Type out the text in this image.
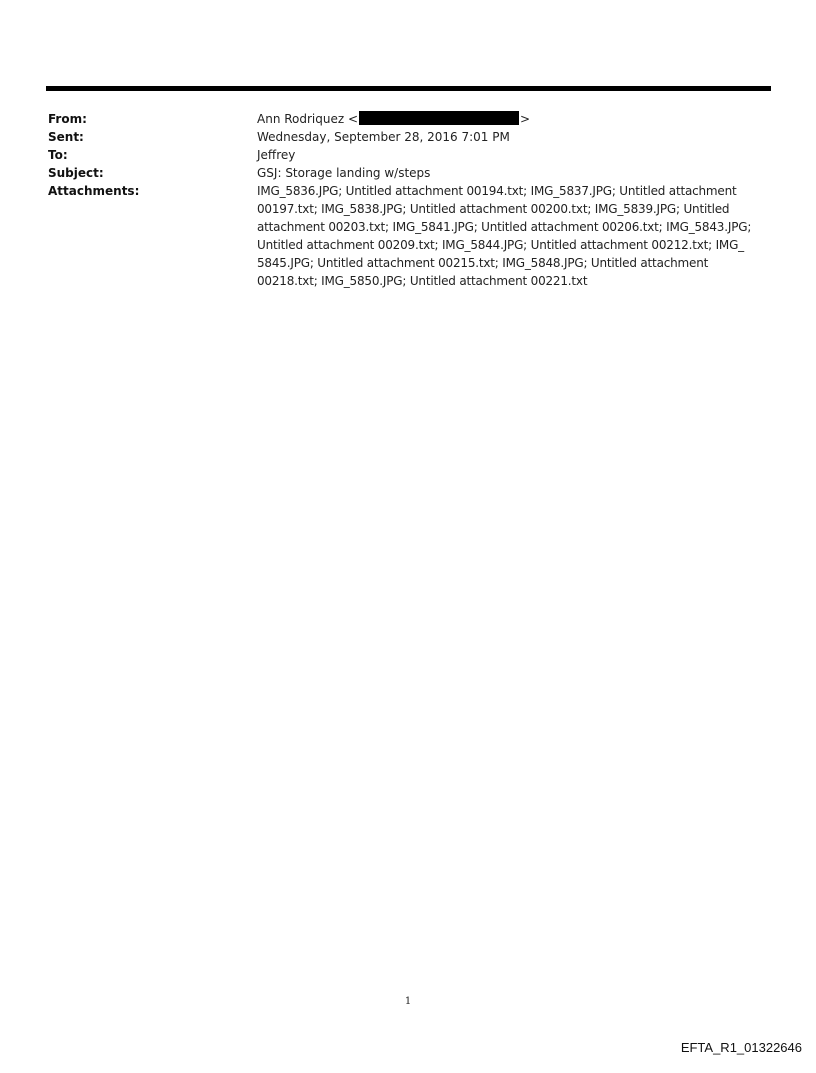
From:	Ann Rodriquez <	>
Sent:	Wednesday, September 28, 2016 7:01 PM
To:	Jeffrey
Subject:	GSJ: Storage landing w/steps
Attachments:	IMG_5836.JPG; Untitled attachment 00194.txt; IMG_5837.JPG; Untitled attachment 00197.txt; IMG_5838.JPG; Untitled attachment 00200.txt; IMG_5839.JPG; Untitled attachment 00203.txt; IMG_5841.JPG; Untitled attachment 00206.txt; IMG_5843.JPG; Untitled attachment 00209.txt; IMG_5844.JPG; Untitled attachment 00212.txt; IMG_ 5845.JPG; Untitled attachment 00215.txt; IMG_5848.JPG; Untitled attachment 00218.txt; IMG_5850.JPG; Untitled attachment 00221.txt
1
EFTA_R1_01322646
